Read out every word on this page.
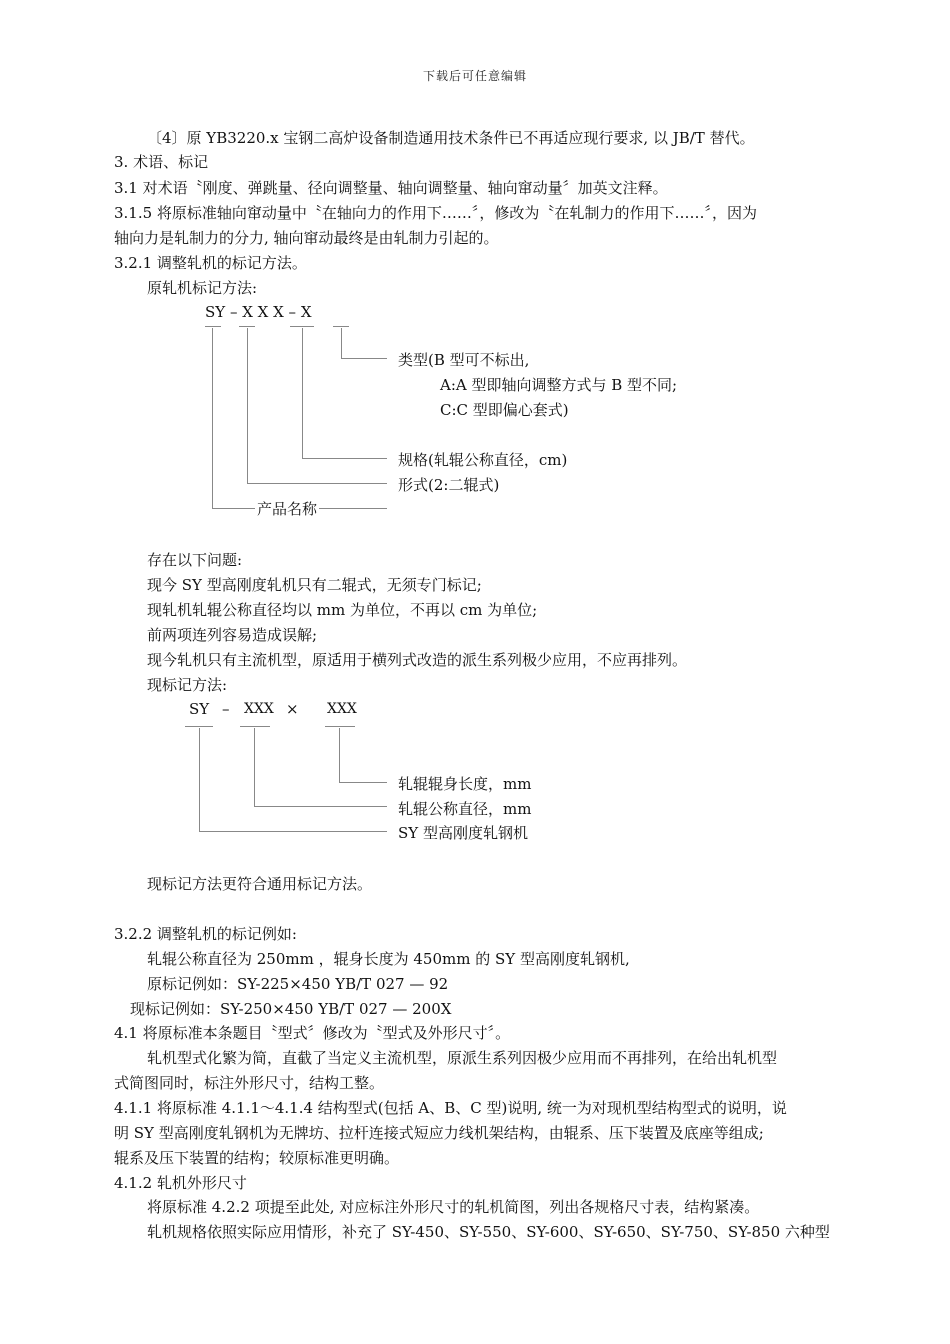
下载后可任意编辑
〔4〕原 YB3220.x 宝钢二高炉设备制造通用技术条件已不再适应现行要求, 以 JB/T 替代。
3. 术语、标记
3.1 对术语〝刚度、弹跳量、径向调整量、轴向调整量、轴向窜动量〞加英文注释。
3.1.5 将原标准轴向窜动量中〝在轴向力的作用下……〞，修改为〝在轧制力的作用下……〞，因为
轴向力是轧制力的分力, 轴向窜动最终是由轧制力引起的。
3.2.1 调整轧机的标记方法。
原轧机标记方法:
SY – X X X – X
类型(B 型可不标出,
A:A 型即轴向调整方式与 B 型不同;
C:C 型即偏心套式)
规格(轧辊公称直径，cm)
形式(2:二辊式)
产品名称
存在以下问题:
现今 SY 型高刚度轧机只有二辊式，无须专门标记;
现轧机轧辊公称直径均以 mm 为单位，不再以 cm 为单位;
前两项连列容易造成误解;
现今轧机只有主流机型，原适用于横列式改造的派生系列极少应用，不应再排列。
现标记方法:
SY – XXX × XXX
轧辊辊身长度，mm
轧辊公称直径，mm
SY 型高刚度轧钢机
现标记方法更符合通用标记方法。
3.2.2 调整轧机的标记例如:
轧辊公称直径为 250mm ，辊身长度为 450mm 的 SY 型高刚度轧钢机,
原标记例如：SY-225×450 YB/T 027 — 92
现标记例如：SY-250×450 YB/T 027 — 200X
4.1 将原标准本条题目〝型式〞修改为〝型式及外形尺寸〞。
轧机型式化繁为简，直截了当定义主流机型，原派生系列因极少应用而不再排列，在给出轧机型
式简图同时，标注外形尺寸，结构工整。
4.1.1 将原标准 4.1.1～4.1.4 结构型式(包括 A、B、C 型)说明, 统一为对现机型结构型式的说明，说
明 SY 型高刚度轧钢机为无牌坊、拉杆连接式短应力线机架结构，由辊系、压下装置及底座等组成;
辊系及压下装置的结构；较原标准更明确。
4.1.2 轧机外形尺寸
将原标准 4.2.2 项提至此处, 对应标注外形尺寸的轧机简图，列出各规格尺寸表，结构紧凑。
轧机规格依照实际应用情形，补充了 SY-450、SY-550、SY-600、SY-650、SY-750、SY-850 六种型
